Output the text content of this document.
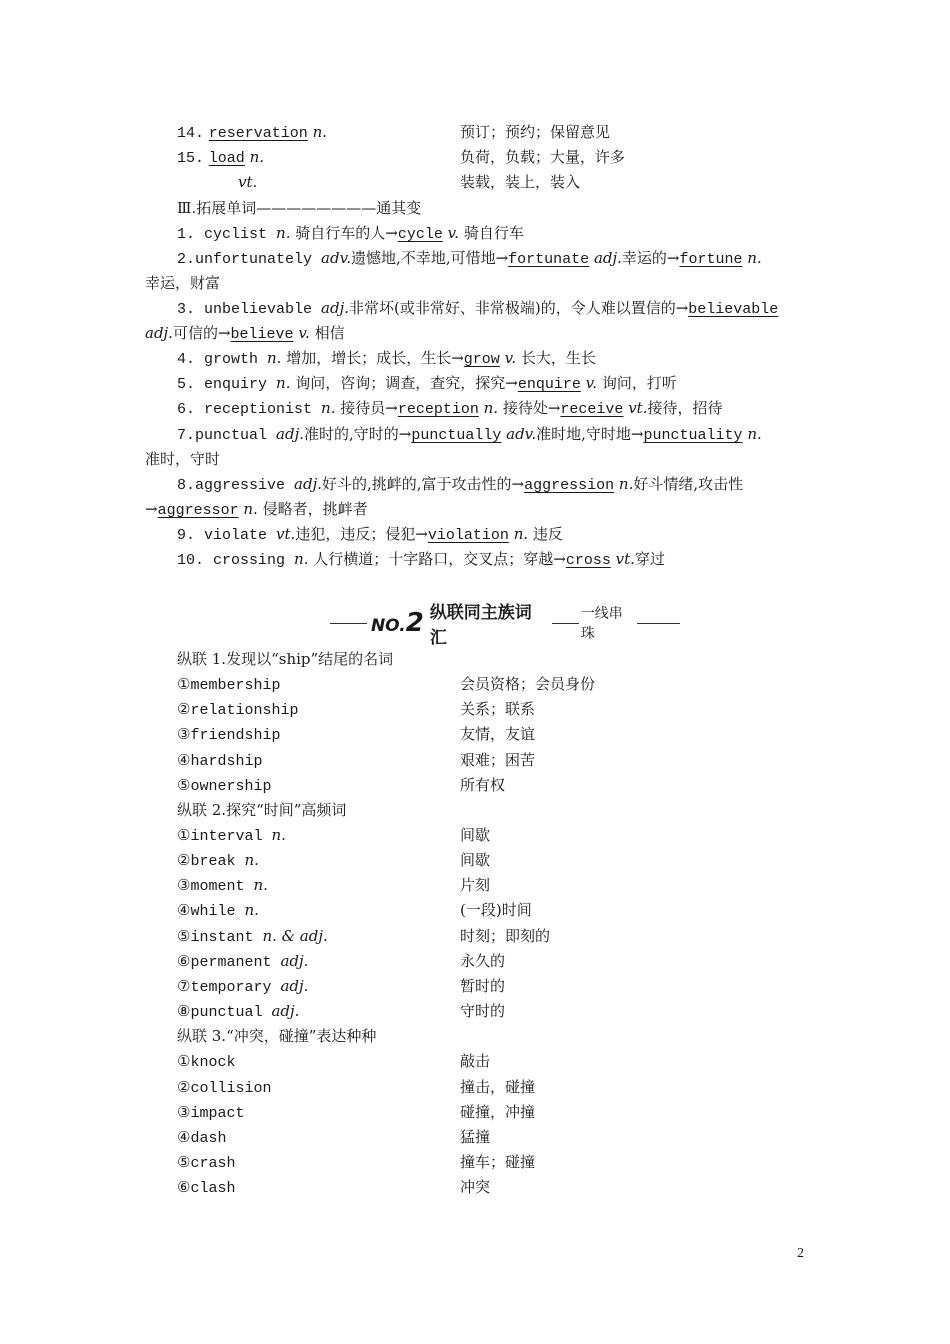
14. reservation n.	预订；预约；保留意见
15. load n.	负荷，负载；大量，许多
vt.	装载，装上，装入
Ⅲ.拓展单词————————通其变
1. cyclist n. 骑自行车的人→cycle v. 骑自行车
2.unfortunately adv.遗憾地,不幸地,可惜地→fortunate adj.幸运的→fortune n.
幸运，财富
3. unbelievable adj.非常坏(或非常好、非常极端)的，令人难以置信的→believable
adj.可信的→believe v. 相信
4. growth n. 增加，增长；成长，生长→grow v. 长大，生长
5. enquiry n. 询问，咨询；调查，查究，探究→enquire v. 询问，打听
6. receptionist n. 接待员→reception n. 接待处→receive vt.接待，招待
7.punctual adj.准时的,守时的→punctually adv.准时地,守时地→punctuality n.
准时，守时
8.aggressive adj.好斗的,挑衅的,富于攻击性的→aggression n.好斗情绪,攻击性
→aggressor n. 侵略者，挑衅者
9. violate vt.违犯，违反；侵犯→violation n. 违反
10. crossing n. 人行横道；十字路口，交叉点；穿越→cross vt.穿过
NO.2 纵联同主族词汇
一线串珠
纵联 1.发现以“ship”结尾的名词
①membership	会员资格；会员身份
②relationship	关系；联系
③friendship	友情，友谊
④hardship	艰难；困苦
⑤ownership	所有权
纵联 2.探究“时间”高频词
①interval n.	间歇
②break n.	间歇
③moment n.	片刻
④while n.	(一段)时间
⑤instant n. & adj.	时刻；即刻的
⑥permanent adj.	永久的
⑦temporary adj.	暂时的
⑧punctual adj.	守时的
纵联 3.“冲突，碰撞”表达种种
①knock	敲击
②collision	撞击，碰撞
③impact	碰撞，冲撞
④dash	猛撞
⑤crash	撞车；碰撞
⑥clash	冲突
2
